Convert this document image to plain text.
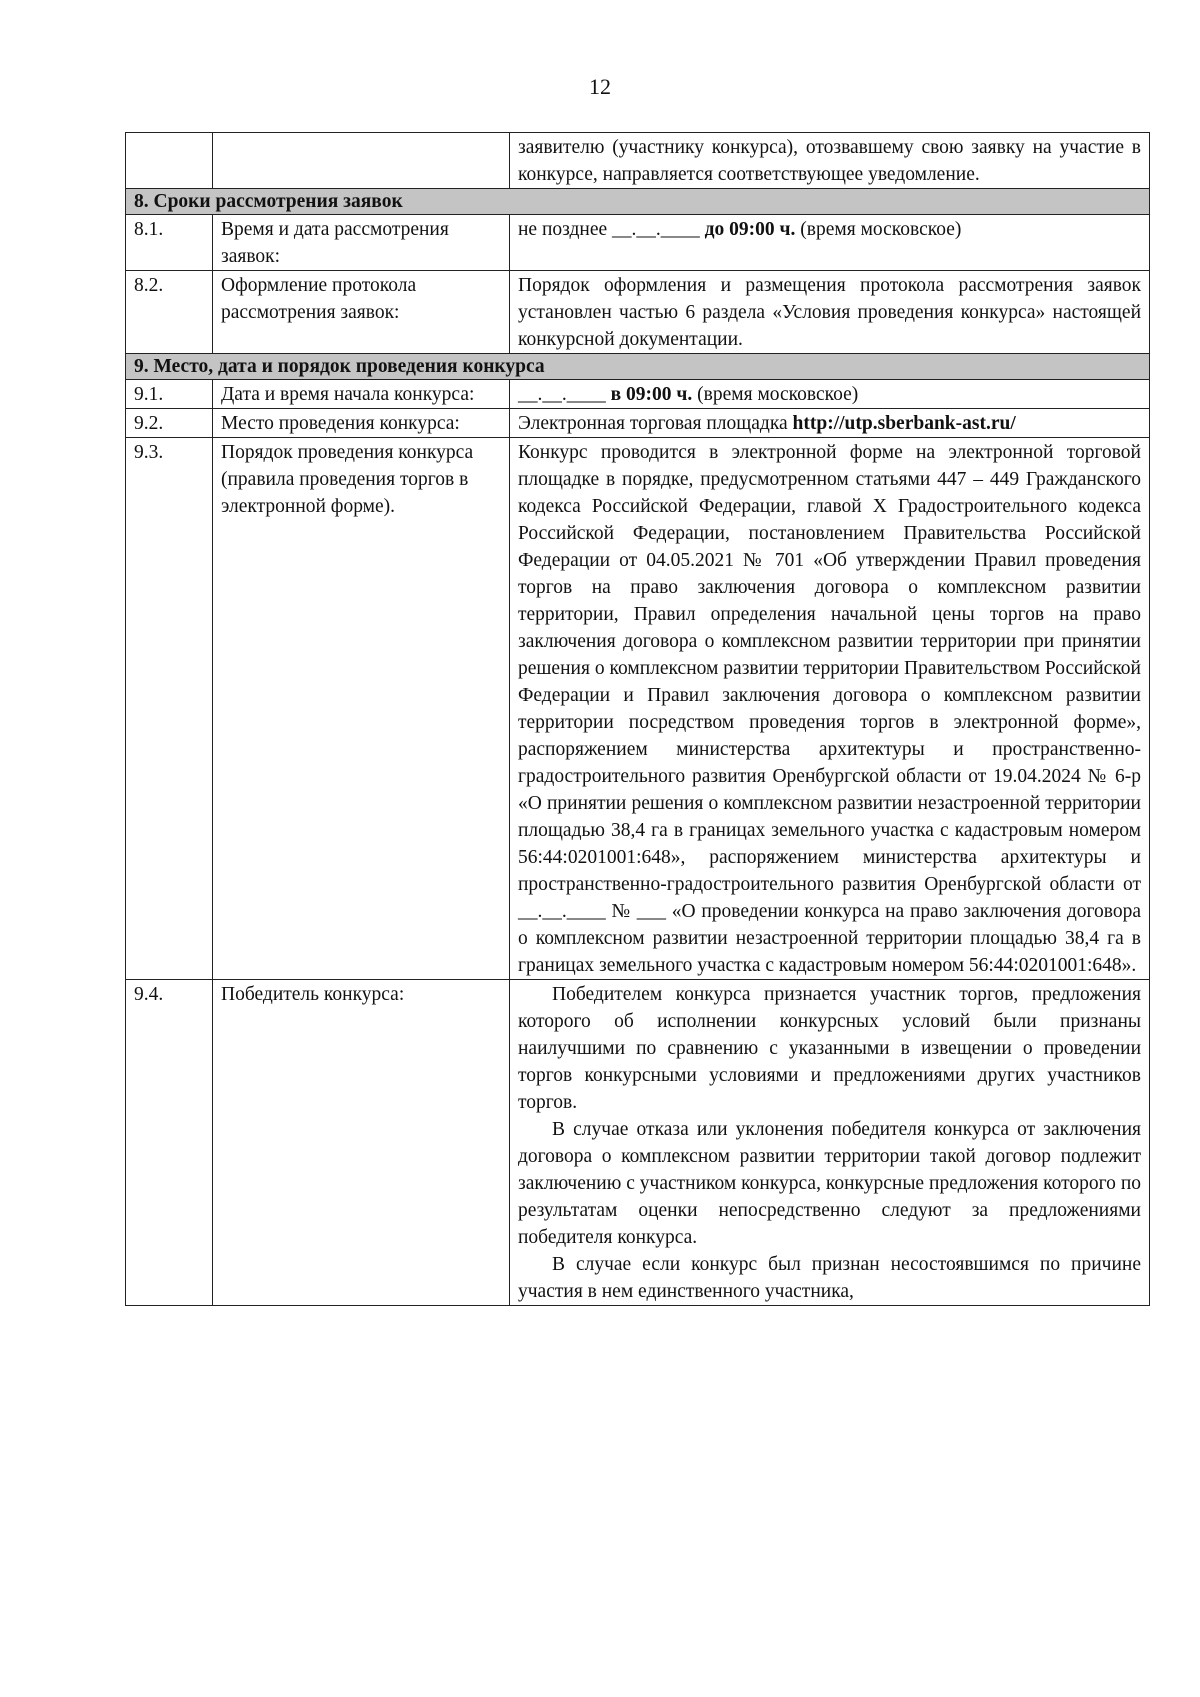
12
		заявителю (участнику конкурса), отозвавшему свою заявку на участие в конкурсе, направляется соответствующее уведомление.
8. Сроки рассмотрения заявок		
8.1.	Время и дата рассмотрения заявок:	не позднее __.__.____ до 09:00 ч. (время московское)
8.2.	Оформление протокола рассмотрения заявок:	Порядок оформления и размещения протокола рассмотрения заявок установлен частью 6 раздела «Условия проведения конкурса» настоящей конкурсной документации.
9. Место, дата и порядок проведения конкурса		
9.1.	Дата и время начала конкурса:	__.__.____ в 09:00 ч. (время московское)
9.2.	Место проведения конкурса:	Электронная торговая площадка http://utp.sberbank-ast.ru/
9.3.	Порядок проведения конкурса (правила проведения торгов в электронной форме).	Конкурс проводится в электронной форме на электронной торговой площадке в порядке, предусмотренном статьями 447 – 449 Гражданского кодекса Российской Федерации, главой X Градостроительного кодекса Российской Федерации, постановлением Правительства Российской Федерации от 04.05.2021 № 701 «Об утверждении Правил проведения торгов на право заключения договора о комплексном развитии территории, Правил определения начальной цены торгов на право заключения договора о комплексном развитии территории при принятии решения о комплексном развитии территории Правительством Российской Федерации и Правил заключения договора о комплексном развитии территории посредством проведения торгов в электронной форме», распоряжением министерства архитектуры и пространственно-градостроительного развития Оренбургской области от 19.04.2024 № 6-р «О принятии решения о комплексном развитии незастроенной территории площадью 38,4 га в границах земельного участка с кадастровым номером 56:44:0201001:648», распоряжением министерства архитектуры и пространственно-градостроительного развития Оренбургской области от __.__.____ № ___ «О проведении конкурса на право заключения договора о комплексном развитии незастроенной территории площадью 38,4 га в границах земельного участка с кадастровым номером 56:44:0201001:648».
9.4.	Победитель конкурса:	Победителем конкурса признается участник торгов, предложения которого об исполнении конкурсных условий были признаны наилучшими по сравнению с указанными в извещении о проведении торгов конкурсными условиями и предложениями других участников торгов.

В случае отказа или уклонения победителя конкурса от заключения договора о комплексном развитии территории такой договор подлежит заключению с участником конкурса, конкурсные предложения которого по результатам оценки непосредственно следуют за предложениями победителя конкурса.

В случае если конкурс был признан несостоявшимся по причине участия в нем единственного участника,
